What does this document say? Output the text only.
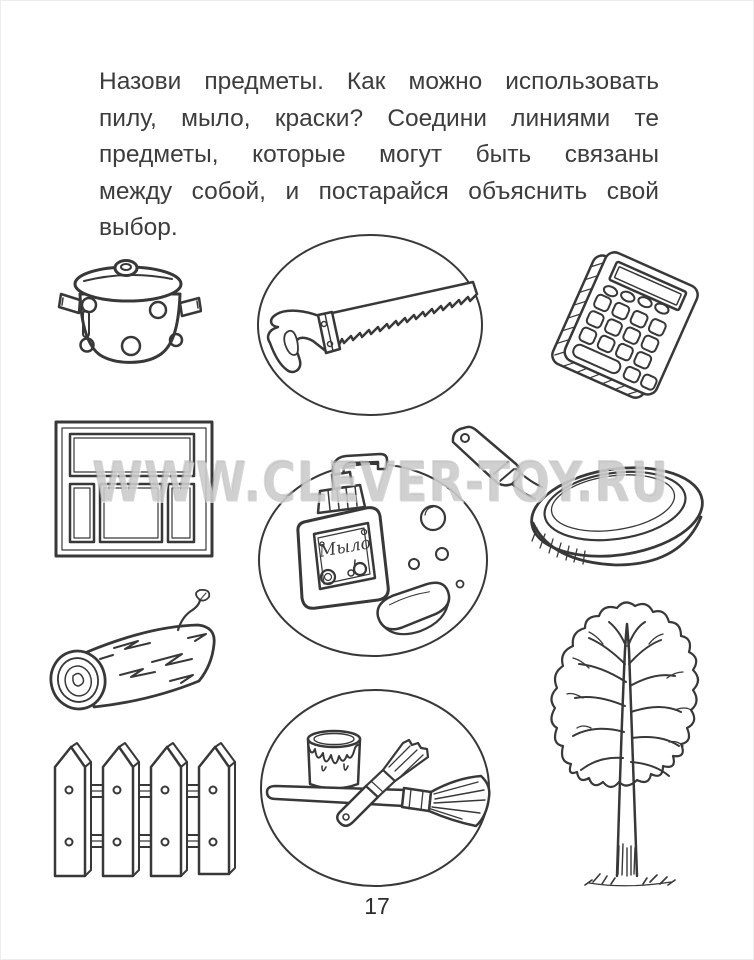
Назови предметы. Как можно использовать
пилу, мыло, краски? Соедини линиями те
предметы, которые могут быть связаны
между собой, и постарайся объяснить свой
выбор.
Мыло
WWW.CLEVER-TOY.RU
17
